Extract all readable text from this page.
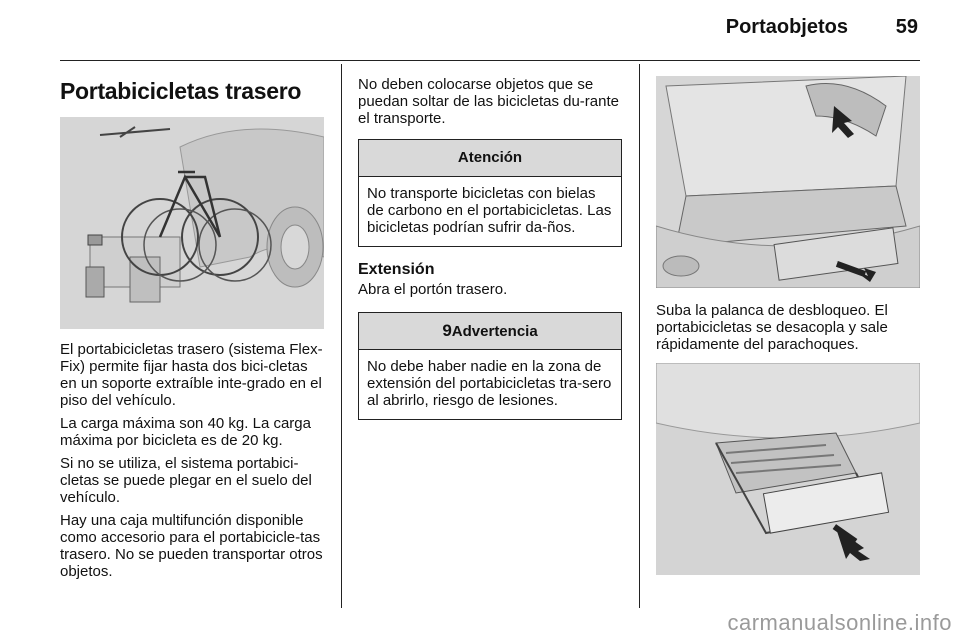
Portaobjetos 59
Portabicicletas trasero

El portabicicletas trasero (sistema Flex-Fix) permite fijar hasta dos bici-cletas en un soporte extraíble inte-grado en el piso del vehículo.

La carga máxima son 40 kg. La carga máxima por bicicleta es de 20 kg.

Si no se utiliza, el sistema portabici-cletas se puede plegar en el suelo del vehículo.

Hay una caja multifunción disponible como accesorio para el portabicicle-tas trasero. No se pueden transportar otros objetos.

No deben colocarse objetos que se puedan soltar de las bicicletas du-rante el transporte.

Atención
No transporte bicicletas con bielas de carbono en el portabicicletas. Las bicicletas podrían sufrir da-ños.
Extensión

Abra el portón trasero.

9Advertencia
No debe haber nadie en la zona de extensión del portabicicletas tra-sero al abrirlo, riesgo de lesiones.

Suba la palanca de desbloqueo. El portabicicletas se desacopla y sale rápidamente del parachoques.

carmanualsonline.info
